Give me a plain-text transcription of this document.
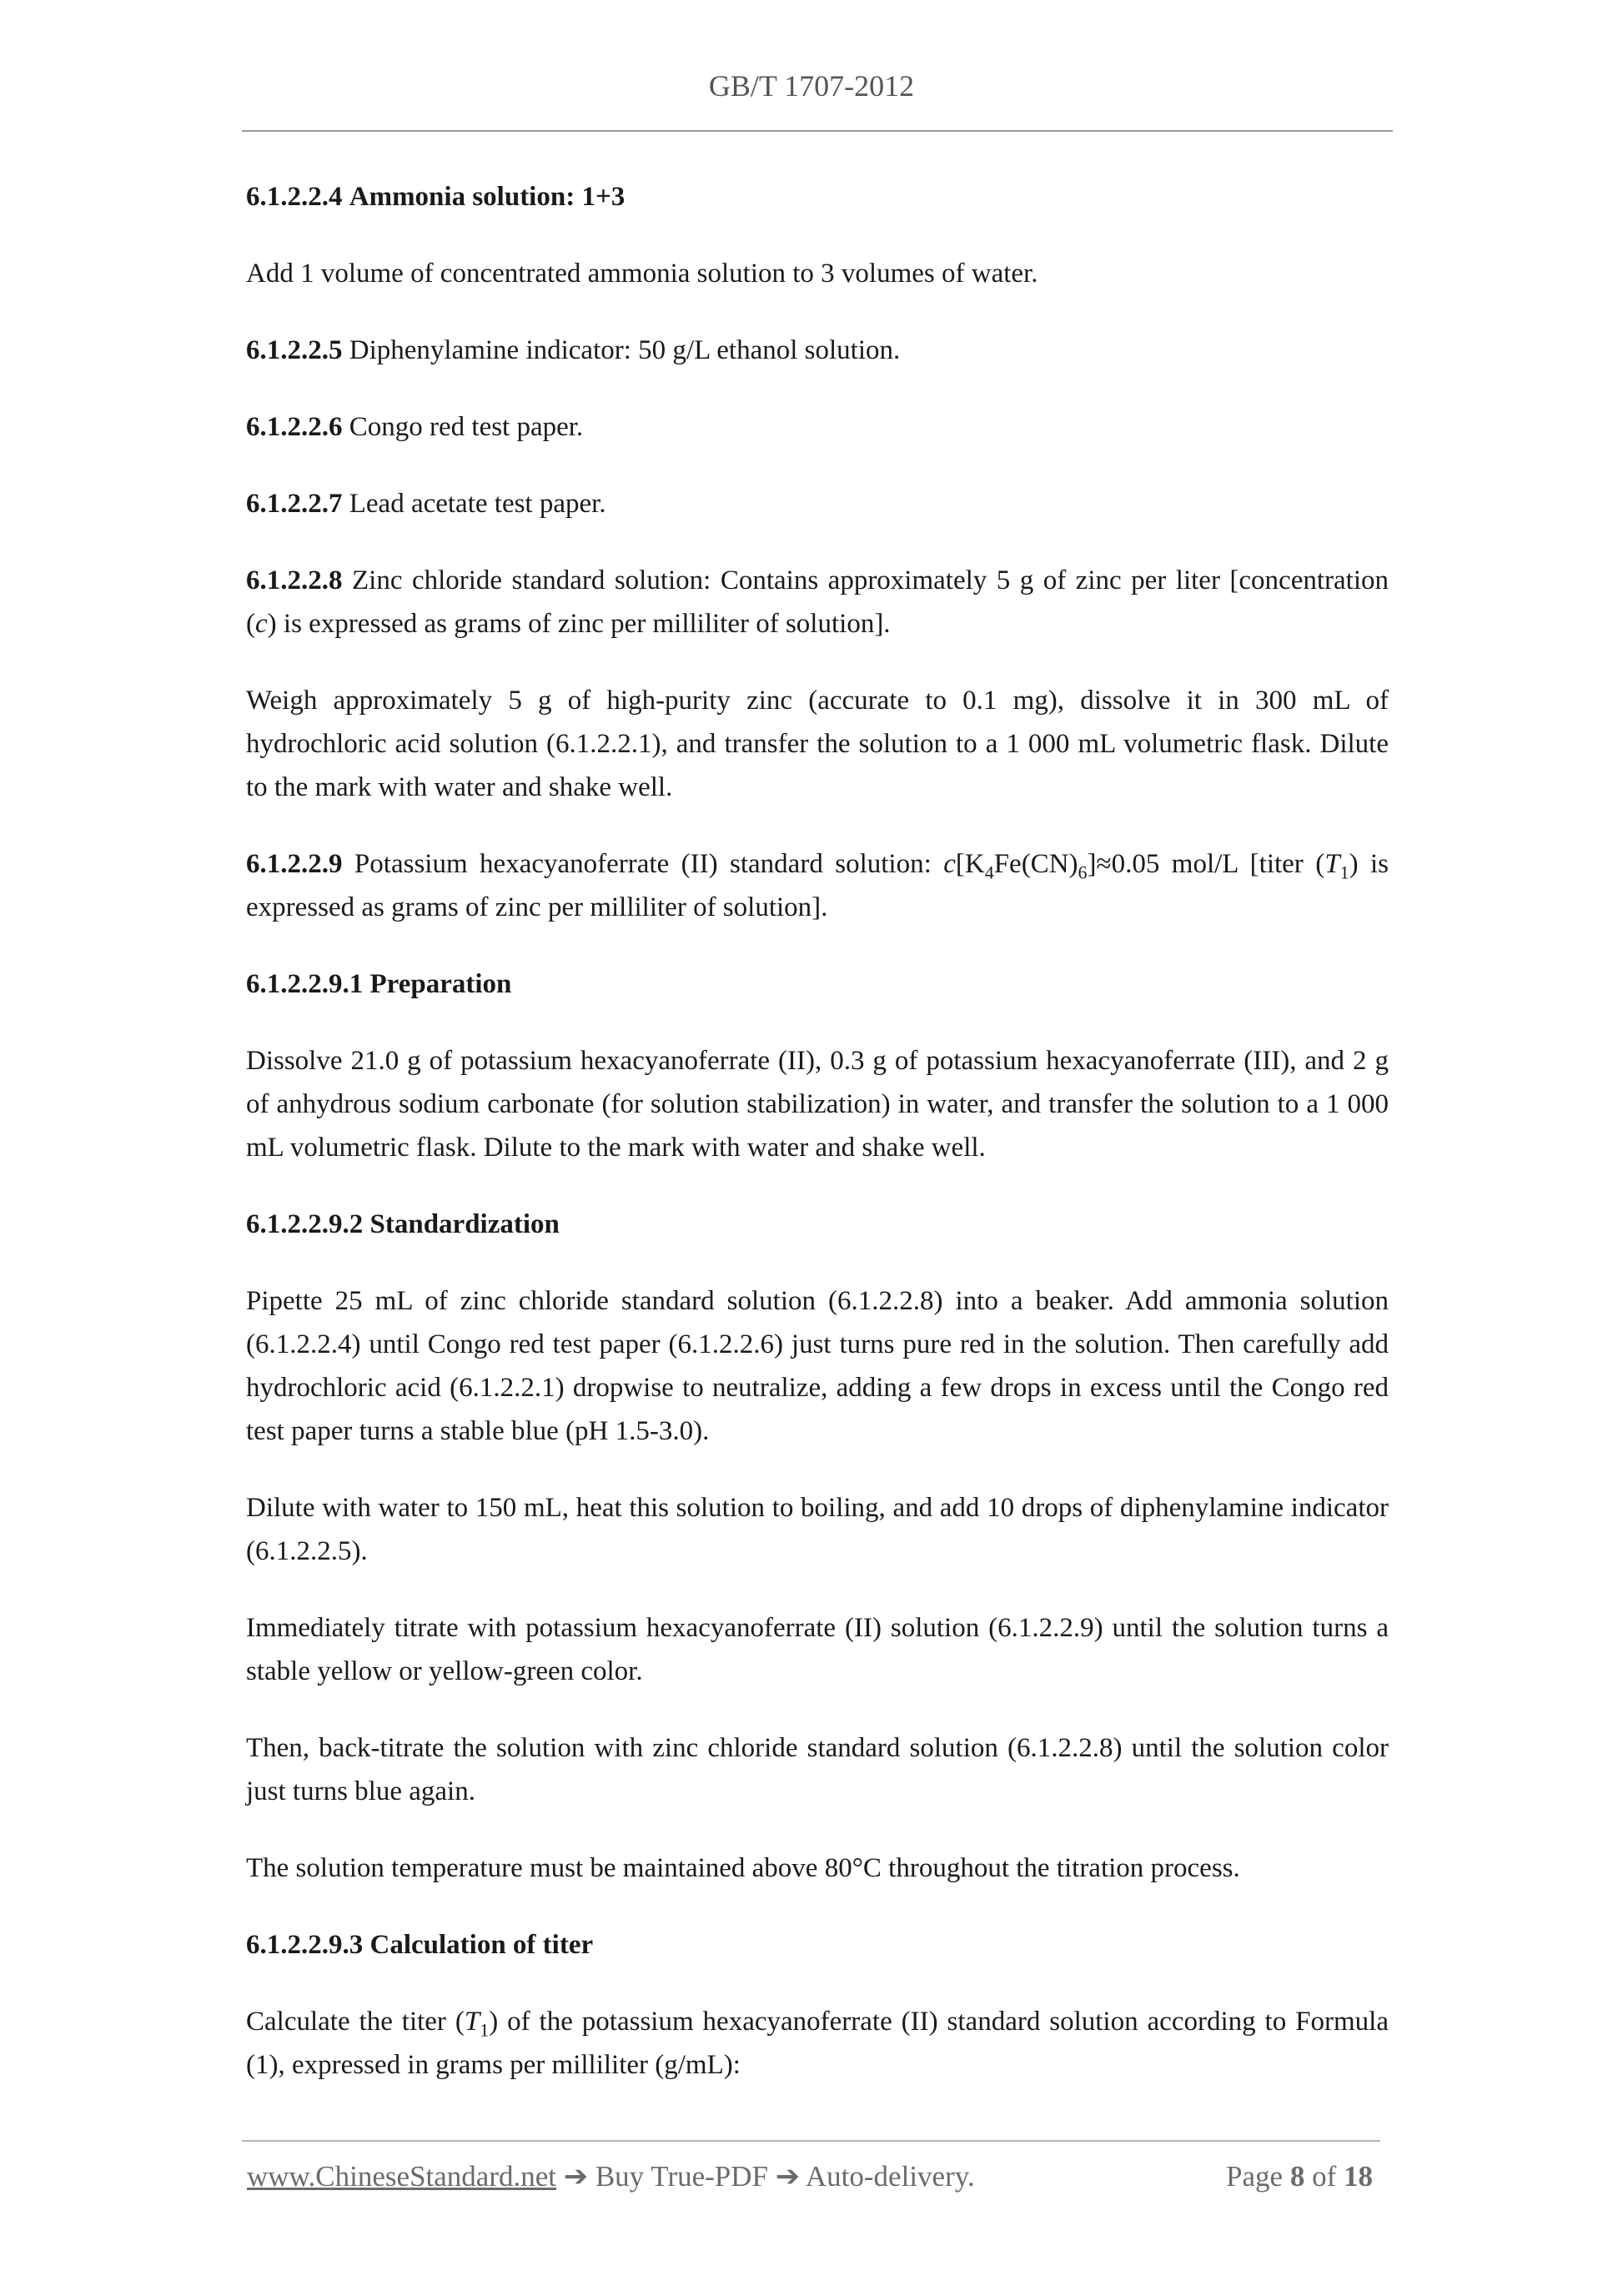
GB/T 1707-2012

6.1.2.2.4 Ammonia solution: 1+3

Add 1 volume of concentrated ammonia solution to 3 volumes of water.

6.1.2.2.5 Diphenylamine indicator: 50 g/L ethanol solution.

6.1.2.2.6 Congo red test paper.

6.1.2.2.7 Lead acetate test paper.

6.1.2.2.8 Zinc chloride standard solution: Contains approximately 5 g of zinc per liter [concentration (c) is expressed as grams of zinc per milliliter of solution].

Weigh approximately 5 g of high-purity zinc (accurate to 0.1 mg), dissolve it in 300 mL of hydrochloric acid solution (6.1.2.2.1), and transfer the solution to a 1 000 mL volumetric flask. Dilute to the mark with water and shake well.

6.1.2.2.9 Potassium hexacyanoferrate (II) standard solution: $c[K_4Fe(CN)_6]\approx 0.05$ mol/L [titer $(T_1)$ is expressed as grams of zinc per milliliter of solution].

6.1.2.2.9.1 Preparation

Dissolve 21.0 g of potassium hexacyanoferrate (II), 0.3 g of potassium hexacyanoferrate (III), and 2 g of anhydrous sodium carbonate (for solution stabilization) in water, and transfer the solution to a 1 000 mL volumetric flask. Dilute to the mark with water and shake well.

6.1.2.2.9.2 Standardization

Pipette 25 mL of zinc chloride standard solution (6.1.2.2.8) into a beaker. Add ammonia solution (6.1.2.2.4) until Congo red test paper (6.1.2.2.6) just turns pure red in the solution. Then carefully add hydrochloric acid (6.1.2.2.1) dropwise to neutralize, adding a few drops in excess until the Congo red test paper turns a stable blue (pH 1.5-3.0).

Dilute with water to 150 mL, heat this solution to boiling, and add 10 drops of diphenylamine indicator (6.1.2.2.5).

Immediately titrate with potassium hexacyanoferrate (II) solution (6.1.2.2.9) until the solution turns a stable yellow or yellow-green color.

Then, back-titrate the solution with zinc chloride standard solution (6.1.2.2.8) until the solution color just turns blue again.

The solution temperature must be maintained above 80°C throughout the titration process.

6.1.2.2.9.3 Calculation of titer

Calculate the titer $(T_1)$ of the potassium hexacyanoferrate (II) standard solution according to Formula (1), expressed in grams per milliliter (g/mL):

www.ChineseStandard.net ➔ Buy True-PDF ➔ Auto-delivery.	Page 8 of 18
